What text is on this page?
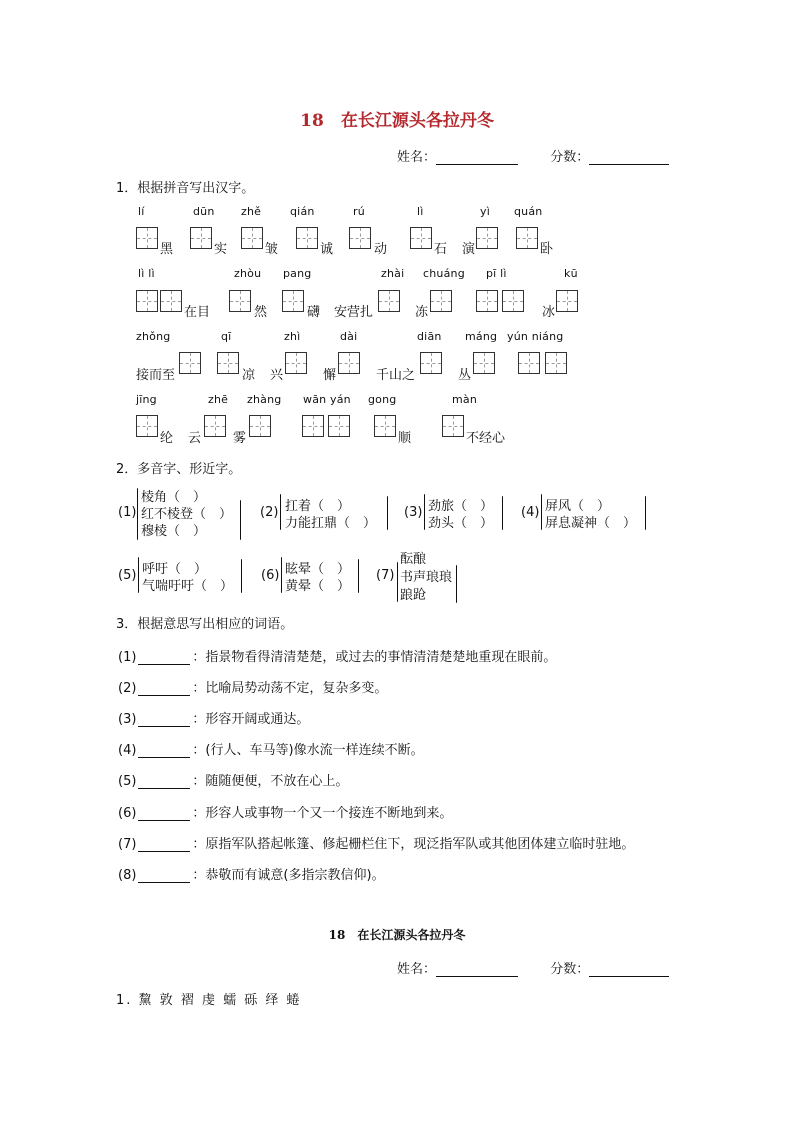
18　在长江源头各拉丹冬
姓名：	分数：
1．根据拼音写出汉字。
lí	dūn zhě	qián	rú	lì	yì quán
黑	实	皱	诚	动	石 演	卧
lì lì	zhòu pang	zhài chuáng pī lì	kū
在目	然	礴 安营扎	冻	冰
zhǒng	qī	zhì	dài	diān máng yún niáng
接而至	凉 兴	懈	千山之	丛
jīng	zhē zhàng wān yán gong	màn
纶 云 雾	顺	不经心
2．多音字、形近字。
(1)
棱角（　）
红不棱登（　）
穆棱（　）
(2) 扛着（　）
力能扛鼎（　）
(3) 劲旅（　）
劲头（　）
(4) 屏风（　）
屏息凝神（　）
(5) 呼吁（　）
气喘吁吁（　）
(6) 眩晕（　）
黄晕（　）
(7)
酝酿
书声琅琅
踉跄
3．根据意思写出相应的词语。
(1)	：指景物看得清清楚楚，或过去的事情清清楚楚地重现在眼前。
(2)	：比喻局势动荡不定，复杂多变。
(3)	：形容开阔或通达。
(4)	：(行人、车马等)像水流一样连续不断。
(5)	：随随便便，不放在心上。
(6)	：形容人或事物一个又一个接连不断地到来。
(7)	：原指军队搭起帐篷、修起栅栏住下，现泛指军队或其他团体建立临时驻地。
(8)	：恭敬而有诚意(多指宗教信仰)。
18　在长江源头各拉丹冬
姓名：	分数：
1. 黧 敦 褶 虔 蠕 砾 绎 蜷
